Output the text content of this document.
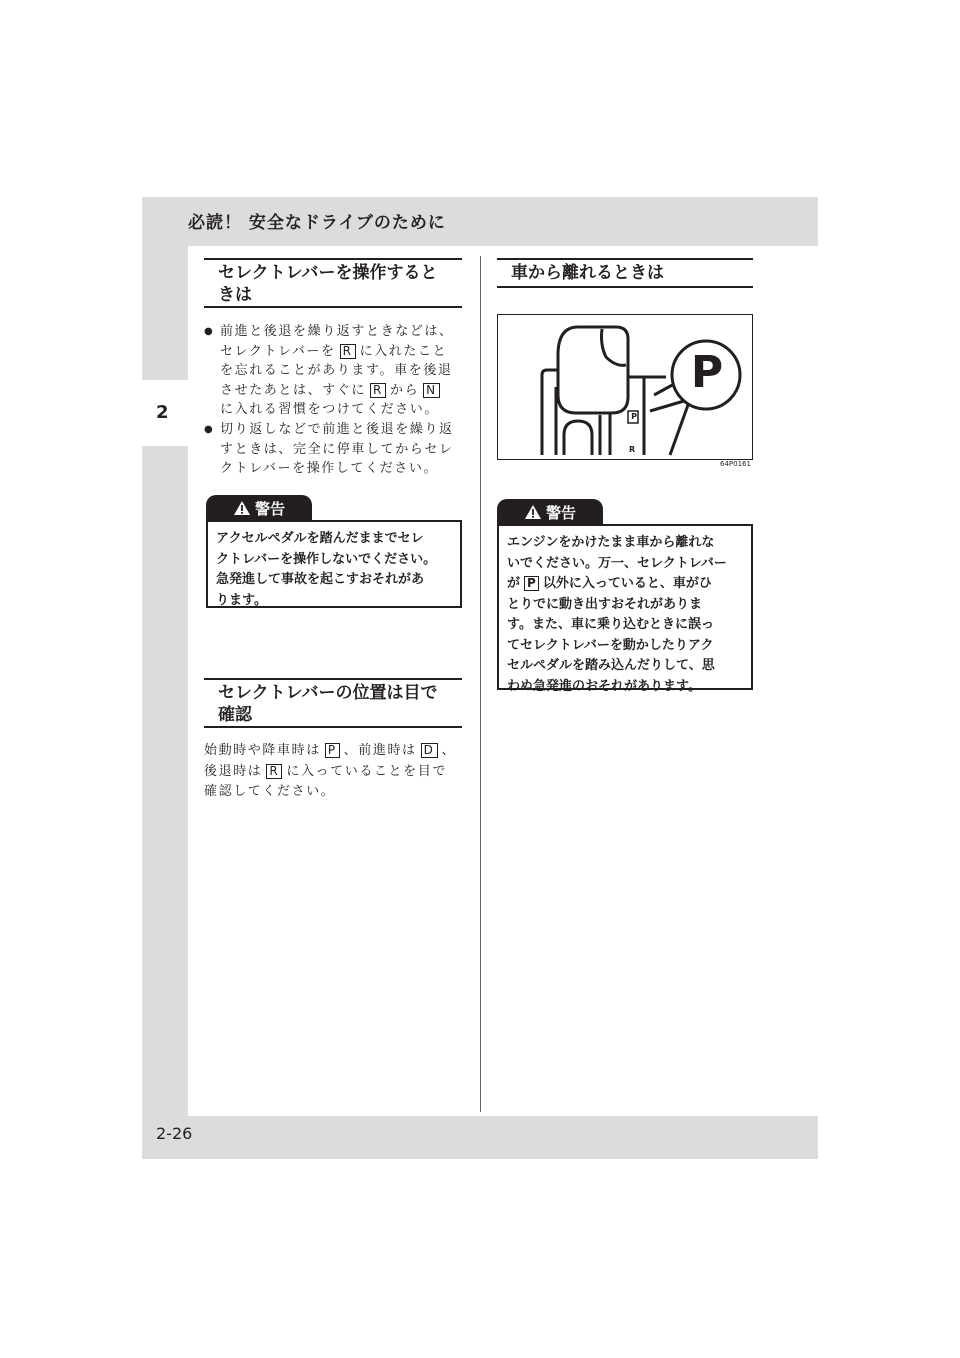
必読！ 安全なドライブのために
2
2-26
セレクトレバーを操作すると
きは
● 前進と後退を繰り返すときなどは、
セレクトレバーを R に入れたこと
を忘れることがあります。車を後退
させたあとは、すぐに R から N
に入れる習慣をつけてください。
● 切り返しなどで前進と後退を繰り返
すときは、完全に停車してからセレ
クトレバーを操作してください。
警告
アクセルペダルを踏んだままでセレ
クトレバーを操作しないでください。
急発進して事故を起こすおそれがあ
ります。
セレクトレバーの位置は目で
確認
始動時や降車時は P 、前進時は D 、
後退時は R に入っていることを目で
確認してください。
車から離れるときは
P
P
R
64P0161
警告
エンジンをかけたまま車から離れな
いでください。万一、セレクトレバー
が P 以外に入っていると、車がひ
とりでに動き出すおそれがありま
す。また、車に乗り込むときに誤っ
てセレクトレバーを動かしたりアク
セルペダルを踏み込んだりして、思
わぬ急発進のおそれがあります。
